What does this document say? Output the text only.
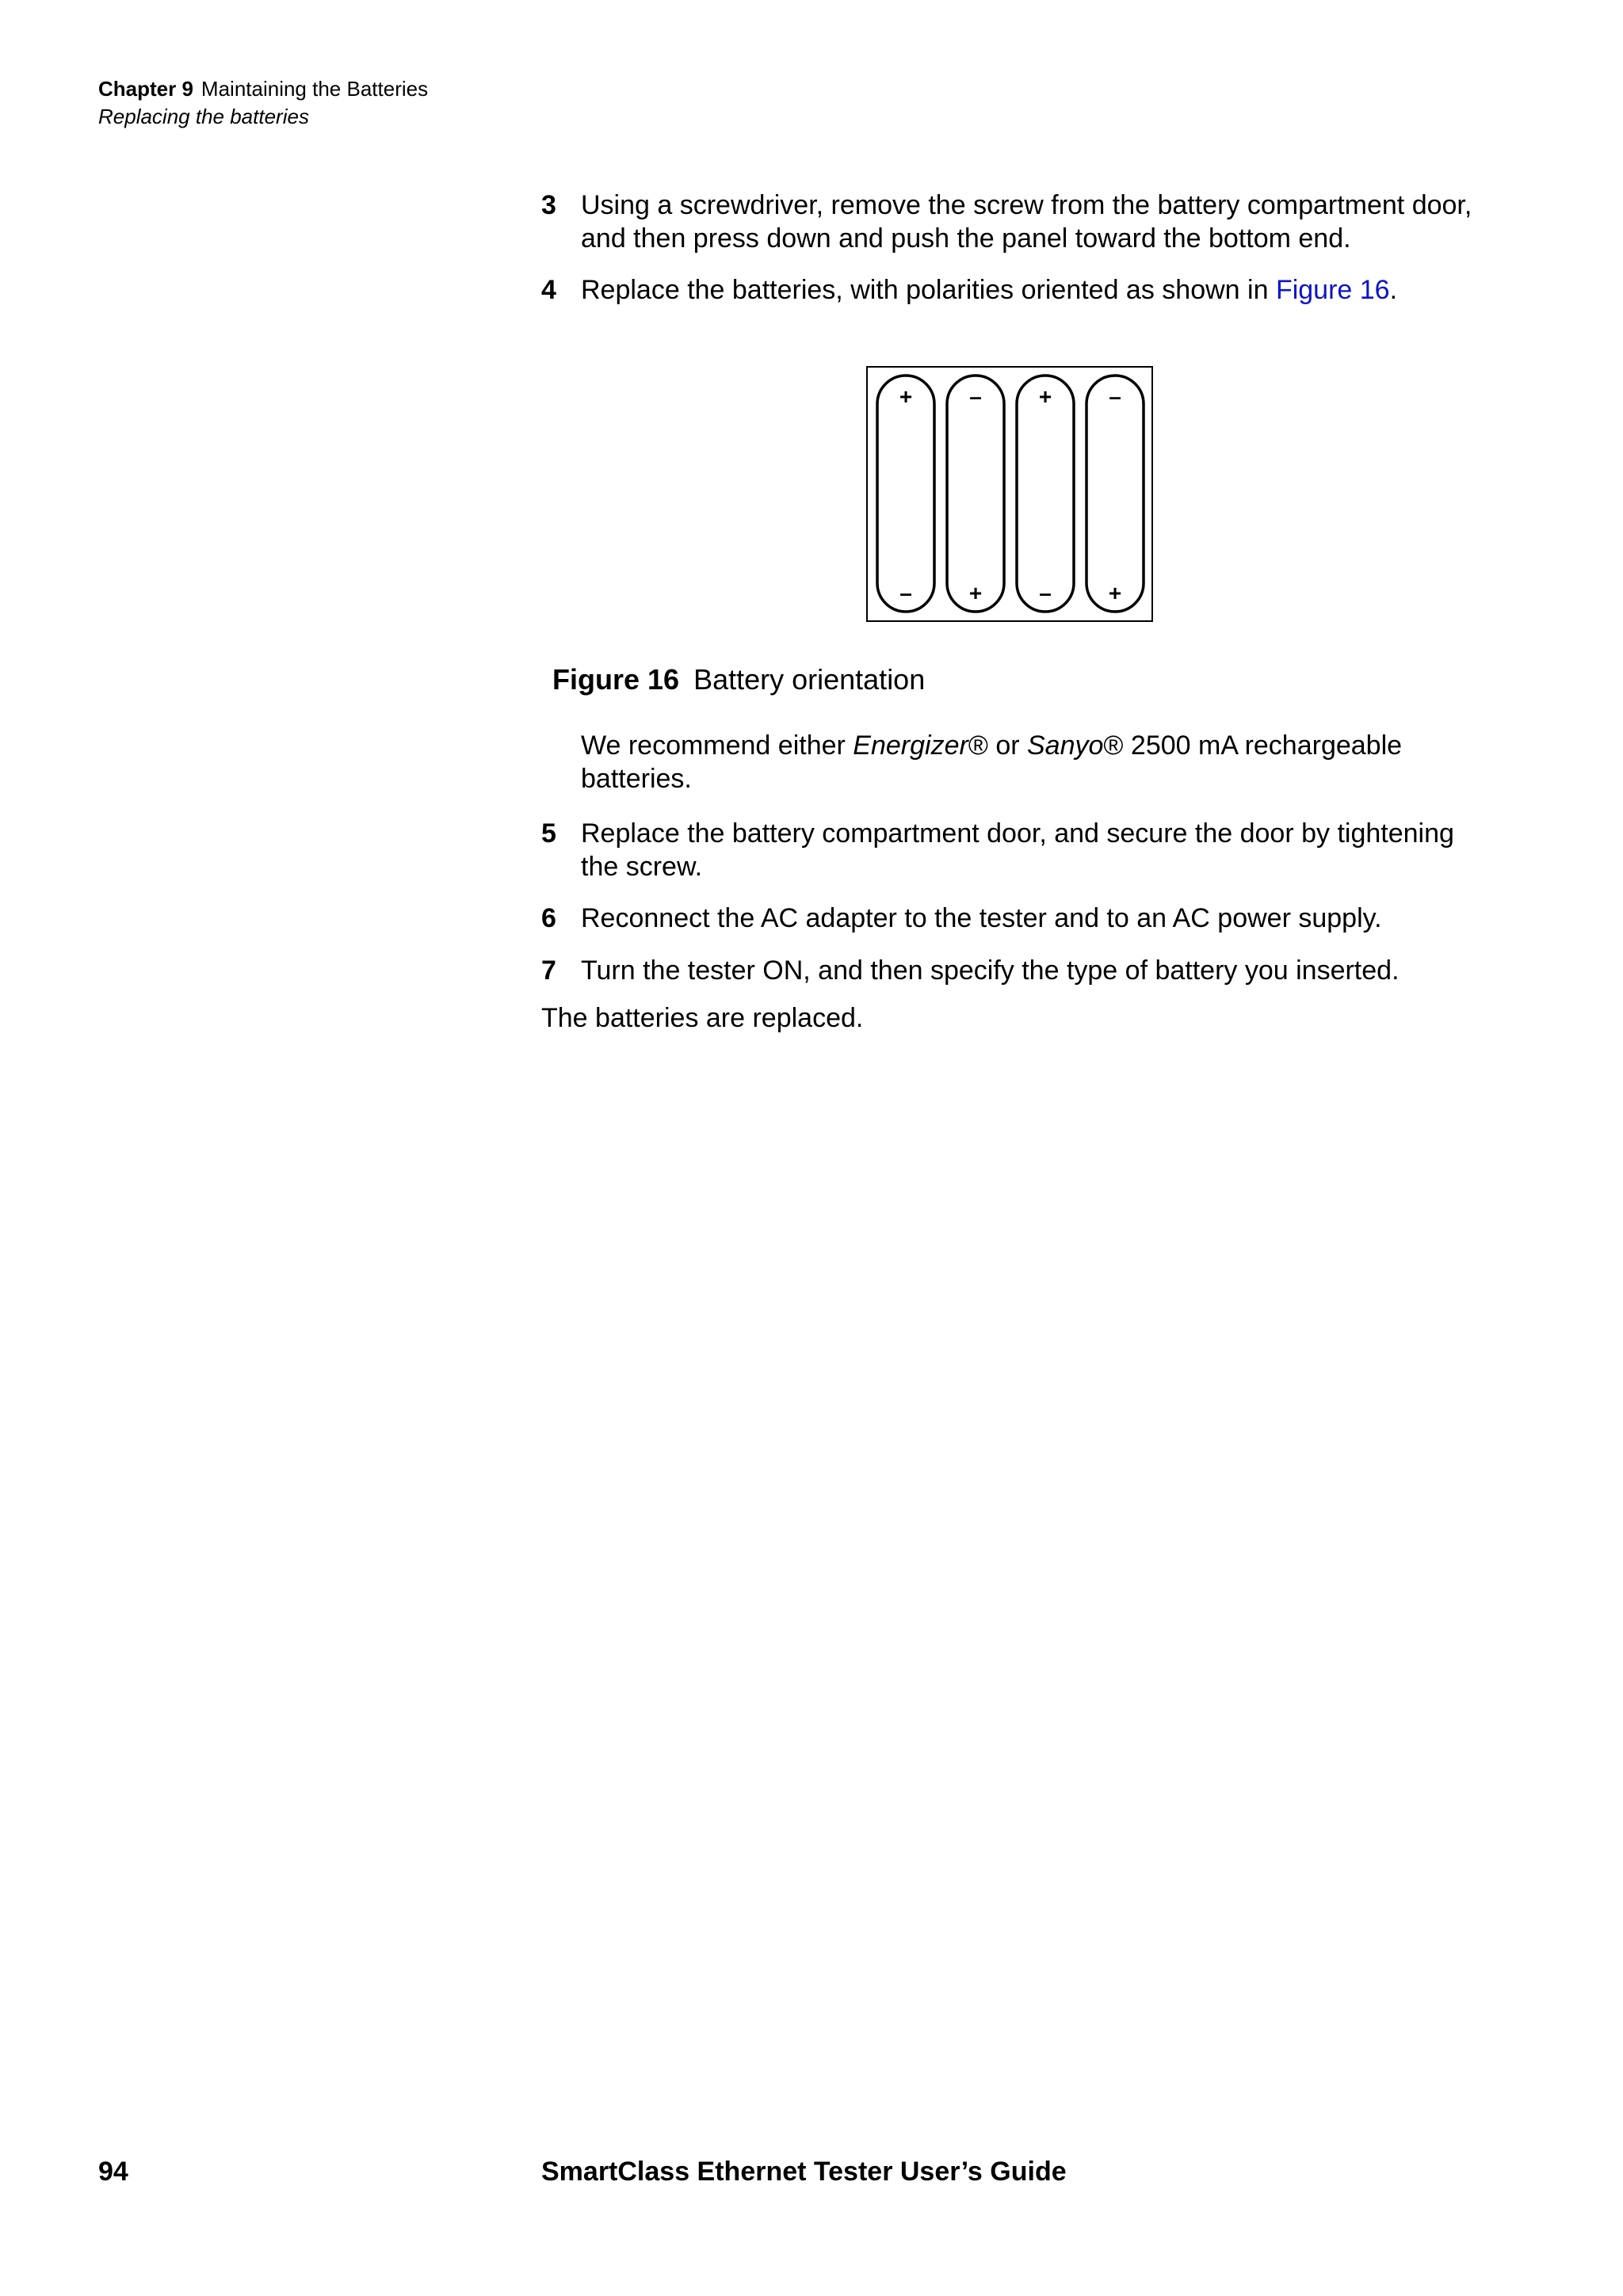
Chapter 9 Maintaining the Batteries
Replacing the batteries
3 Using a screwdriver, remove the screw from the battery compartment door, and then press down and push the panel toward the bottom end.
4 Replace the batteries, with polarities oriented as shown in Figure 16.
+
–
–
+
+
–
–
+
Figure 16 Battery orientation
We recommend either Energizer® or Sanyo® 2500 mA rechargeable batteries.
5 Replace the battery compartment door, and secure the door by tightening the screw.
6 Reconnect the AC adapter to the tester and to an AC power supply.
7 Turn the tester ON, and then specify the type of battery you inserted.
The batteries are replaced.
94	SmartClass Ethernet Tester User’s Guide
